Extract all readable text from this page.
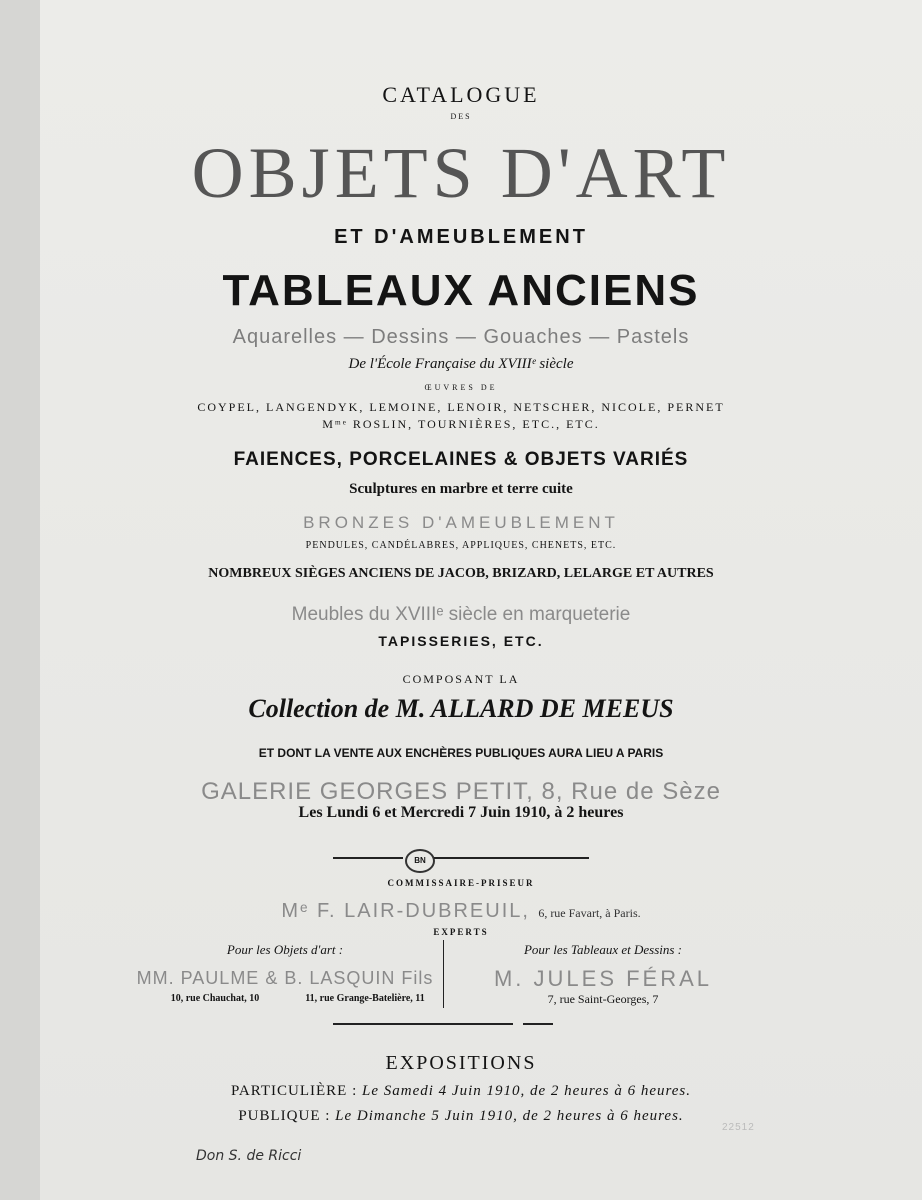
CATALOGUE
DES
OBJETS D'ART
ET D'AMEUBLEMENT
TABLEAUX ANCIENS
Aquarelles — Dessins — Gouaches — Pastels
De l'École Française du XVIIIᵉ siècle
ŒUVRES DE
COYPEL, LANGENDYK, LEMOINE, LENOIR, NETSCHER, NICOLE, PERNET
Mᵐᵉ ROSLIN, TOURNIÈRES, ETC., ETC.
FAIENCES, PORCELAINES & OBJETS VARIÉS
Sculptures en marbre et terre cuite
BRONZES D'AMEUBLEMENT
PENDULES, CANDÉLABRES, APPLIQUES, CHENETS, ETC.
NOMBREUX SIÈGES ANCIENS DE JACOB, BRIZARD, LELARGE ET AUTRES
Meubles du XVIIIᵉ siècle en marqueterie
TAPISSERIES, ETC.
COMPOSANT LA
Collection de M. ALLARD DE MEEUS
ET DONT LA VENTE AUX ENCHÈRES PUBLIQUES AURA LIEU A PARIS
GALERIE GEORGES PETIT, 8, Rue de Sèze
Les Lundi 6 et Mercredi 7 Juin 1910, à 2 heures
BN
COMMISSAIRE-PRISEUR
Mᵉ F. LAIR-DUBREUIL, 6, rue Favart, à Paris.
EXPERTS
Pour les Objets d'art :
MM. PAULME & B. LASQUIN Fils
10, rue Chauchat, 10	11, rue Grange-Batelière, 11
Pour les Tableaux et Dessins :
M. JULES FÉRAL
7, rue Saint-Georges, 7
EXPOSITIONS
PARTICULIÈRE : Le Samedi 4 Juin 1910, de 2 heures à 6 heures.
PUBLIQUE : Le Dimanche 5 Juin 1910, de 2 heures à 6 heures.
22512
Don S. de Ricci
